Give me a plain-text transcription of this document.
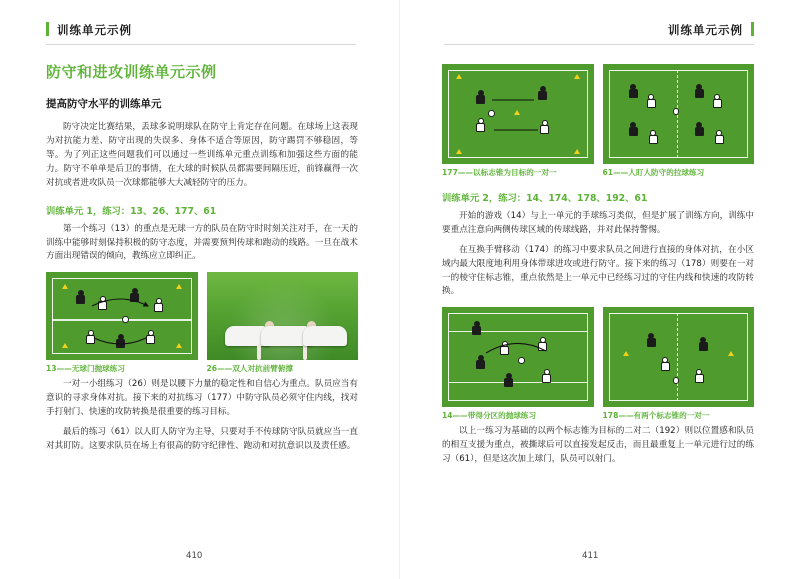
训练单元示例	训练单元示例
防守和进攻训练单元示例
提高防守水平的训练单元

防守决定比赛结果，丢球多说明球队在防守上肯定存在问题。在球场上这表现为对抗能力差、防守出现的失误多、身体不适合等原因，防守踢罚不够稳固，等等。为了列正这些问题我们可以通过一些训练单元重点训练和加强这些方面的能力。防守不单单是后卫的事情，在大球的时候队员都需要间隔压近，前锋赢得一次对抗或者进攻队员一次球都能够大大减轻防守的压力。

训练单元 1，练习：13、26、177、61

第一个练习（13）的重点是无球一方的队员在防守时时刻关注对手，在一天的训练中能够时刻保持积极的防守态度，并需要预判传球和跑动的线路。一旦在战术方面出现错误的倾向，教练应立即纠正。

13——无球门抛球练习	26——双人对抗前臂俯撑

一对一小组练习（26）则是以腰下力量的稳定性和自信心为重点。队员应当有意识的寻求身体对抗。接下来的对抗练习（177）中防守队员必须守住内线，找对手打射门、快速的攻防转换是很重要的练习目标。

最后的练习（61）以人盯人防守为主导，只要对手不传球防守队员就应当一直对其盯防。这要求队员在场上有很高的防守纪律性、跑动和对抗意识以及责任感。

177——以标志锥为目标的一对一	61——人盯人防守的拉球练习
训练单元 2，练习：14、174、178、192、61

开始的游戏（14）与上一单元的手球练习类似，但是扩展了训练方向，训练中要重点注意向两侧传球区域的传球线路，并对此保持警惕。

在互换手臂移动（174）的练习中要求队员之间进行直接的身体对抗，在小区域内最大限度地利用身体带球进攻或进行防守。接下来的练习（178）则要在一对一的棱守住标志锥，重点依然是上一单元中已经练习过的守住内线和快速的攻防转换。

14——带得分区的抛球练习	178——有两个标志锥的一对一

以上一练习为基础的以两个标志锥为目标的二对二（192）则以位置感和队员的相互支援为重点，被撕球后可以直接发起反击，而且最重复上一单元进行过的练习（61），但是这次加上球门，队员可以射门。

410	411
